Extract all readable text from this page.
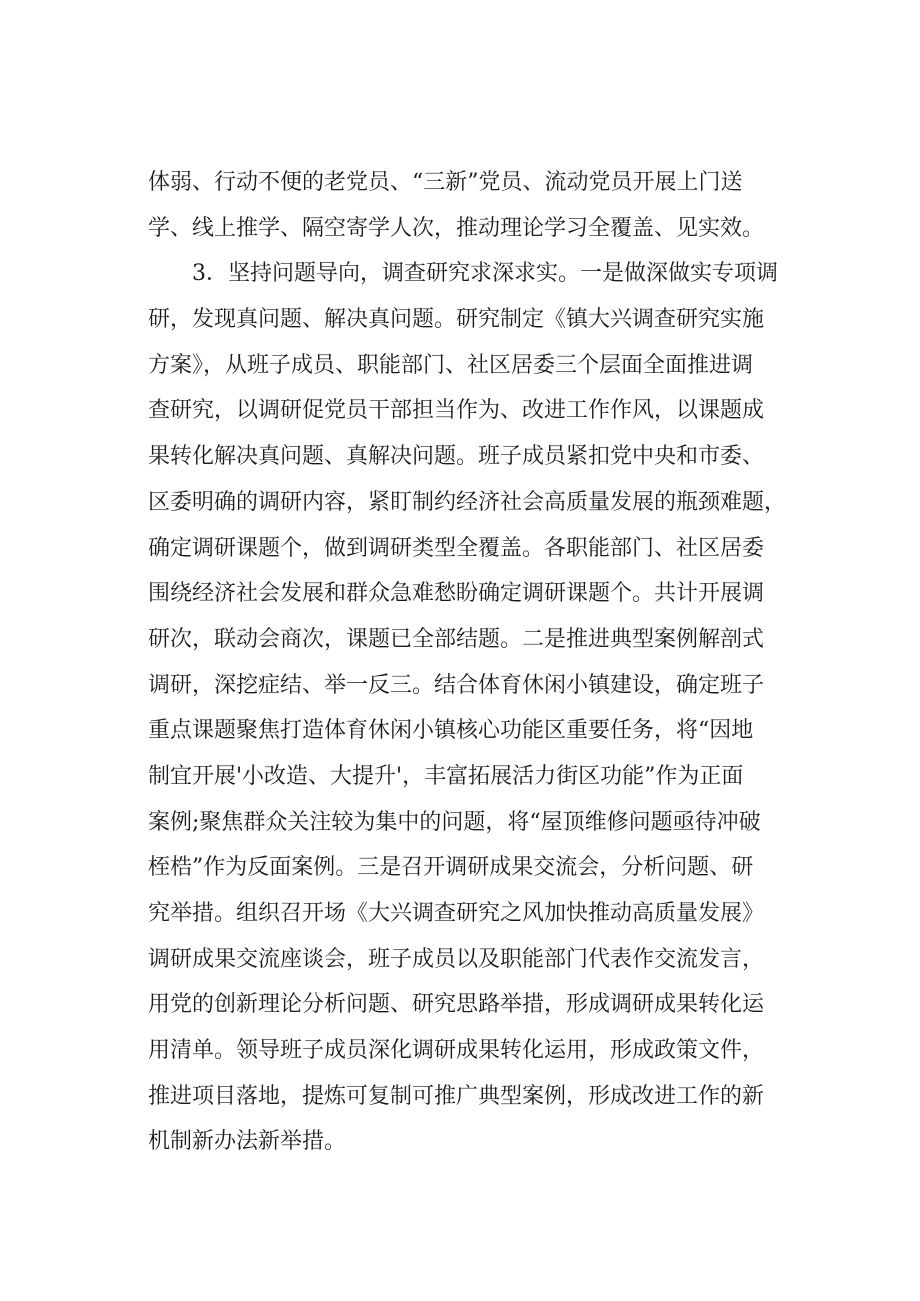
体弱、行动不便的老党员、“三新”党员、流动党员开展上门送
学、线上推学、隔空寄学人次，推动理论学习全覆盖、见实效。
3．坚持问题导向，调查研究求深求实。一是做深做实专项调
研，发现真问题、解决真问题。研究制定《镇大兴调查研究实施
方案》，从班子成员、职能部门、社区居委三个层面全面推进调
查研究，以调研促党员干部担当作为、改进工作作风，以课题成
果转化解决真问题、真解决问题。班子成员紧扣党中央和市委、
区委明确的调研内容，紧盯制约经济社会高质量发展的瓶颈难题，
确定调研课题个，做到调研类型全覆盖。各职能部门、社区居委
围绕经济社会发展和群众急难愁盼确定调研课题个。共计开展调
研次，联动会商次，课题已全部结题。二是推进典型案例解剖式
调研，深挖症结、举一反三。结合体育休闲小镇建设，确定班子
重点课题聚焦打造体育休闲小镇核心功能区重要任务，将“因地
制宜开展'小改造、大提升'，丰富拓展活力街区功能”作为正面
案例;聚焦群众关注较为集中的问题，将“屋顶维修问题亟待冲破
桎梏”作为反面案例。三是召开调研成果交流会，分析问题、研
究举措。组织召开场《大兴调查研究之风加快推动高质量发展》
调研成果交流座谈会，班子成员以及职能部门代表作交流发言，
用党的创新理论分析问题、研究思路举措，形成调研成果转化运
用清单。领导班子成员深化调研成果转化运用，形成政策文件，
推进项目落地，提炼可复制可推广典型案例，形成改进工作的新
机制新办法新举措。
